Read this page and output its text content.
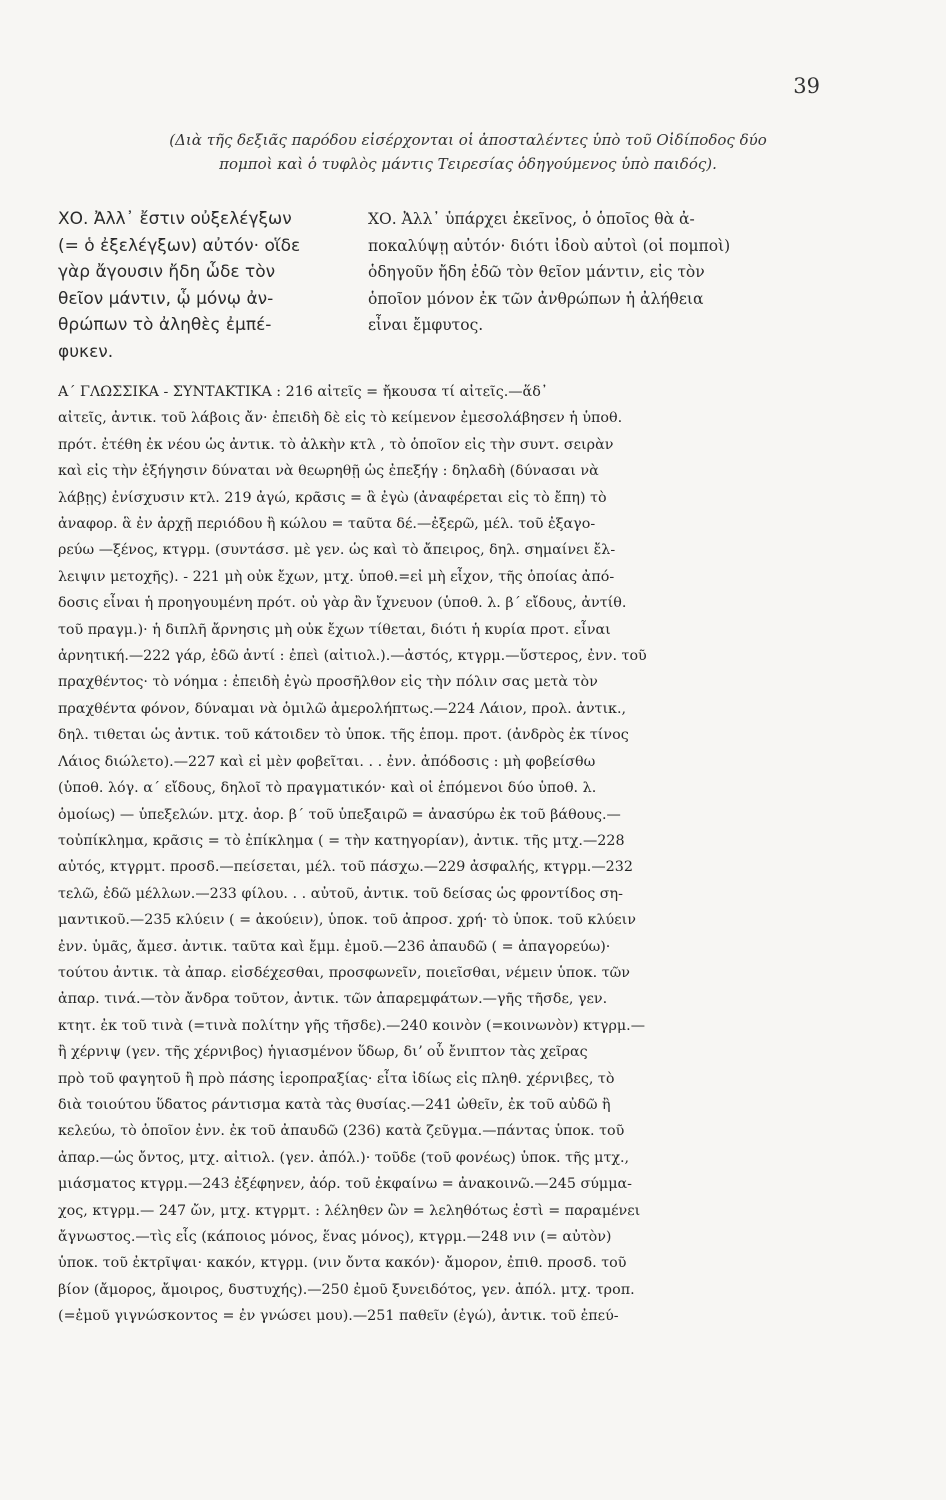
39
(Διὰ τῆς δεξιᾶς παρόδου εἰσέρχονται οἱ ἀποσταλέντες ὑπὸ τοῦ Οἰδίποδος δύο
πομποὶ καὶ ὁ τυφλὸς μάντις Τειρεσίας ὁδηγούμενος ὑπὸ παιδός).
ΧΟ. Ἀλλ᾽ ἔστιν οὐξελέγξων
(= ὁ ἐξελέγξων) αὐτόν· οἵδε
γὰρ ἄγουσιν ἤδη ὧδε τὸν
θεῖον μάντιν, ᾧ μόνῳ ἀν-
θρώπων τὸ ἀληθὲς ἐμπέ-
φυκεν.
ΧΟ. Ἀλλ᾽ ὑπάρχει ἐκεῖνος, ὁ ὁποῖος θὰ ἀ-
ποκαλύψῃ αὐτόν· διότι ἰδοὺ αὐτοὶ (οἱ πομποὶ)
ὁδηγοῦν ἤδη ἐδῶ τὸν θεῖον μάντιν, εἰς τὸν
ὁποῖον μόνον ἐκ τῶν ἀνθρώπων ἡ ἀλήθεια
εἶναι ἔμφυτος.
Α΄ ΓΛΩΣΣΙΚΑ - ΣΥΝΤΑΚΤΙΚΑ : 216 αἰτεῖς = ἤκουσα τί αἰτεῖς.—ἅδ᾽
αἰτεῖς, ἀντικ. τοῦ λάβοις ἄν· ἐπειδὴ δὲ εἰς τὸ κείμενον ἐμεσολάβησεν ἡ ὑποθ.
πρότ. ἐτέθη ἐκ νέου ὡς ἀντικ. τὸ ἀλκὴν κτλ , τὸ ὁποῖον εἰς τὴν συντ. σειρὰν
καὶ εἰς τὴν ἐξήγησιν δύναται νὰ θεωρηθῇ ὡς ἐπεξήγ : δηλαδὴ (δύνασαι νὰ
λάβῃς) ἐνίσχυσιν κτλ. 219 ἀγώ, κρᾶσις = ἃ ἐγὼ (ἀναφέρεται εἰς τὸ ἔπη) τὸ
ἀναφορ. ἃ ἐν ἀρχῇ περιόδου ἢ κώλου = ταῦτα δέ.—ἐξερῶ, μέλ. τοῦ ἐξαγο-
ρεύω —ξένος, κτγρμ. (συντάσσ. μὲ γεν. ὡς καὶ τὸ ἄπειρος, δηλ. σημαίνει ἔλ-
λειψιν μετοχῆς). - 221 μὴ οὐκ ἔχων, μτχ. ὑποθ.=εἰ μὴ εἶχον, τῆς ὁποίας ἀπό-
δοσις εἶναι ἡ προηγουμένη πρότ. οὐ γὰρ ἂν ἴχνευον (ὑποθ. λ. β΄ εἴδους, ἀντίθ.
τοῦ πραγμ.)· ἡ διπλῆ ἄρνησις μὴ οὐκ ἔχων τίθεται, διότι ἡ κυρία προτ. εἶναι
ἀρνητική.—222 γάρ, ἐδῶ ἀντί : ἐπεὶ (αἰτιολ.).—ἀστός, κτγρμ.—ὕστερος, ἐνν. τοῦ
πραχθέντος· τὸ νόημα : ἐπειδὴ ἐγὼ προσῆλθον εἰς τὴν πόλιν σας μετὰ τὸν
πραχθέντα φόνον, δύναμαι νὰ ὁμιλῶ ἀμερολήπτως.—224 Λάιον, προλ. ἀντικ.,
δηλ. τιθεται ὡς ἀντικ. τοῦ κάτοιδεν τὸ ὑποκ. τῆς ἑπομ. προτ. (ἀνδρὸς ἐκ τίνος
Λάιος διώλετο).—227 καὶ εἰ μὲν φοβεῖται. . . ἐνν. ἀπόδοσις : μὴ φοβείσθω
(ὑποθ. λόγ. α΄ εἴδους, δηλοῖ τὸ πραγματικόν· καὶ οἱ ἑπόμενοι δύο ὑποθ. λ.
ὁμοίως) — ὑπεξελών. μτχ. ἀορ. β΄ τοῦ ὑπεξαιρῶ = ἀνασύρω ἐκ τοῦ βάθους.—
τοὐπίκλημα, κρᾶσις = τὸ ἐπίκλημα ( = τὴν κατηγορίαν), ἀντικ. τῆς μτχ.—228
αὐτός, κτγρμτ. προσδ.—πείσεται, μέλ. τοῦ πάσχω.—229 ἀσφαλής, κτγρμ.—232
τελῶ, ἐδῶ μέλλων.—233 φίλου. . . αὐτοῦ, ἀντικ. τοῦ δείσας ὡς φροντίδος ση-
μαντικοῦ.—235 κλύειν ( = ἀκούειν), ὑποκ. τοῦ ἀπροσ. χρή· τὸ ὑποκ. τοῦ κλύειν
ἐνν. ὑμᾶς, ἄμεσ. ἀντικ. ταῦτα καὶ ἔμμ. ἐμοῦ.—236 ἀπαυδῶ ( = ἀπαγορεύω)·
τούτου ἀντικ. τὰ ἀπαρ. εἰσδέχεσθαι, προσφωνεῖν, ποιεῖσθαι, νέμειν ὑποκ. τῶν
ἀπαρ. τινά.—τὸν ἄνδρα τοῦτον, ἀντικ. τῶν ἀπαρεμφάτων.—γῆς τῆσδε, γεν.
κτητ. ἐκ τοῦ τινὰ (=τινὰ πολίτην γῆς τῆσδε).—240 κοινὸν (=κοινωνὸν) κτγρμ.—
ἢ χέρνιψ (γεν. τῆς χέρνιβος) ἡγιασμένον ὕδωρ, διʼ οὗ ἔνιπτον τὰς χεῖρας
πρὸ τοῦ φαγητοῦ ἢ πρὸ πάσης ἱεροπραξίας· εἶτα ἰδίως εἰς πληθ. χέρνιβες, τὸ
διὰ τοιούτου ὕδατος ράντισμα κατὰ τὰς θυσίας.—241 ὠθεῖν, ἐκ τοῦ αὐδῶ ἢ
κελεύω, τὸ ὁποῖον ἐνν. ἐκ τοῦ ἀπαυδῶ (236) κατὰ ζεῦγμα.—πάντας ὑποκ. τοῦ
ἀπαρ.—ὡς ὄντος, μτχ. αἰτιολ. (γεν. ἀπόλ.)· τοῦδε (τοῦ φονέως) ὑποκ. τῆς μτχ.,
μιάσματος κτγρμ.—243 ἐξέφηνεν, ἀόρ. τοῦ ἐκφαίνω = ἀνακοινῶ.—245 σύμμα-
χος, κτγρμ.— 247 ὤν, μτχ. κτγρμτ. : λέληθεν ὢν = λεληθότως ἐστὶ = παραμένει
ἄγνωστος.—τὶς εἷς (κάποιος μόνος, ἕνας μόνος), κτγρμ.—248 νιν (= αὐτὸν)
ὑποκ. τοῦ ἐκτρῖψαι· κακόν, κτγρμ. (νιν ὄντα κακόν)· ἄμορον, ἐπιθ. προσδ. τοῦ
βίον (ἄμορος, ἄμοιρος, δυστυχής).—250 ἐμοῦ ξυνειδότος, γεν. ἀπόλ. μτχ. τροπ.
(=ἐμοῦ γιγνώσκοντος = ἐν γνώσει μου).—251 παθεῖν (ἐγώ), ἀντικ. τοῦ ἐπεύ-
